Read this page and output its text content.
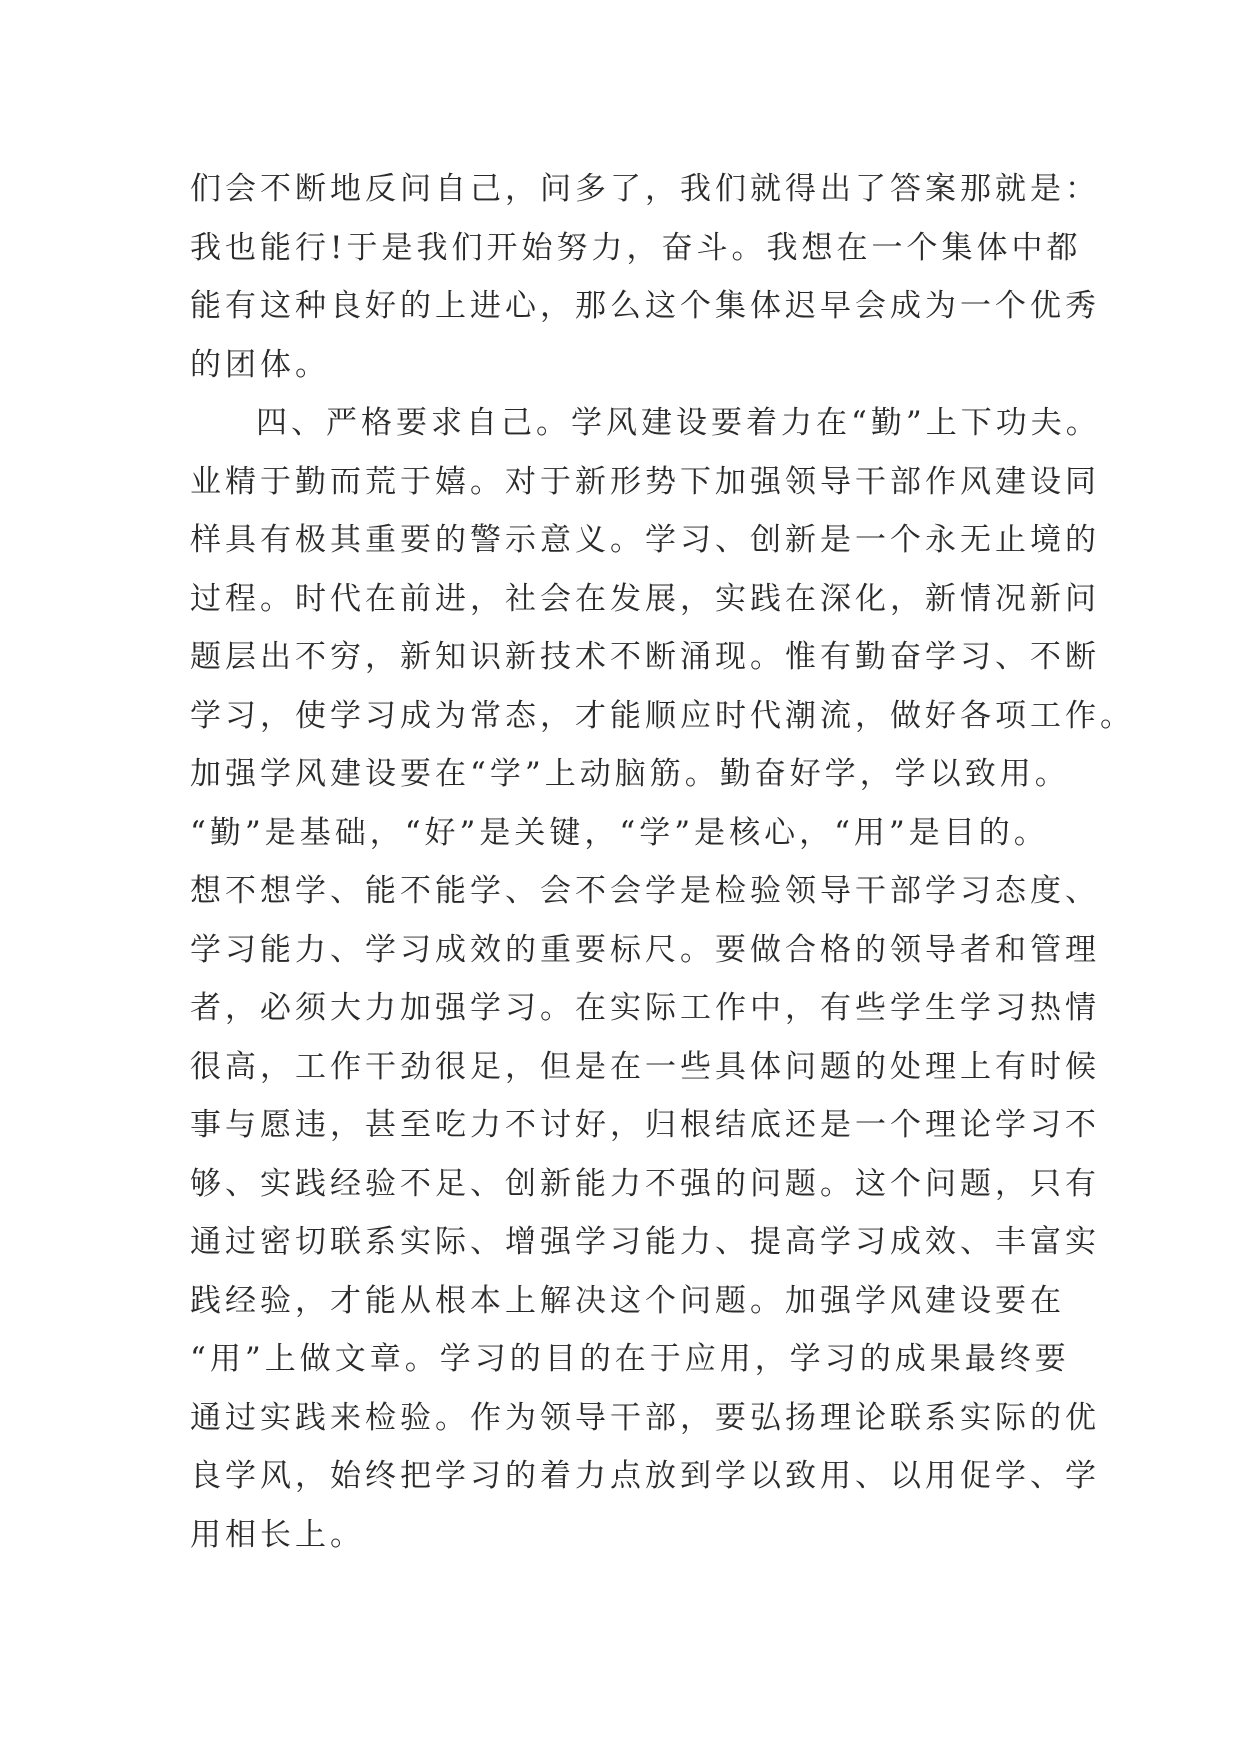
们会不断地反问自己，问多了，我们就得出了答案那就是：
我也能行!于是我们开始努力，奋斗。我想在一个集体中都
能有这种良好的上进心，那么这个集体迟早会成为一个优秀
的团体。
四、严格要求自己。学风建设要着力在“勤”上下功夫。
业精于勤而荒于嬉。对于新形势下加强领导干部作风建设同
样具有极其重要的警示意义。学习、创新是一个永无止境的
过程。时代在前进，社会在发展，实践在深化，新情况新问
题层出不穷，新知识新技术不断涌现。惟有勤奋学习、不断
学习，使学习成为常态，才能顺应时代潮流，做好各项工作。
加强学风建设要在“学”上动脑筋。勤奋好学，学以致用。
“勤”是基础，“好”是关键，“学”是核心，“用”是目的。
想不想学、能不能学、会不会学是检验领导干部学习态度、
学习能力、学习成效的重要标尺。要做合格的领导者和管理
者，必须大力加强学习。在实际工作中，有些学生学习热情
很高，工作干劲很足，但是在一些具体问题的处理上有时候
事与愿违，甚至吃力不讨好，归根结底还是一个理论学习不
够、实践经验不足、创新能力不强的问题。这个问题，只有
通过密切联系实际、增强学习能力、提高学习成效、丰富实
践经验，才能从根本上解决这个问题。加强学风建设要在
“用”上做文章。学习的目的在于应用，学习的成果最终要
通过实践来检验。作为领导干部，要弘扬理论联系实际的优
良学风，始终把学习的着力点放到学以致用、以用促学、学
用相长上。
